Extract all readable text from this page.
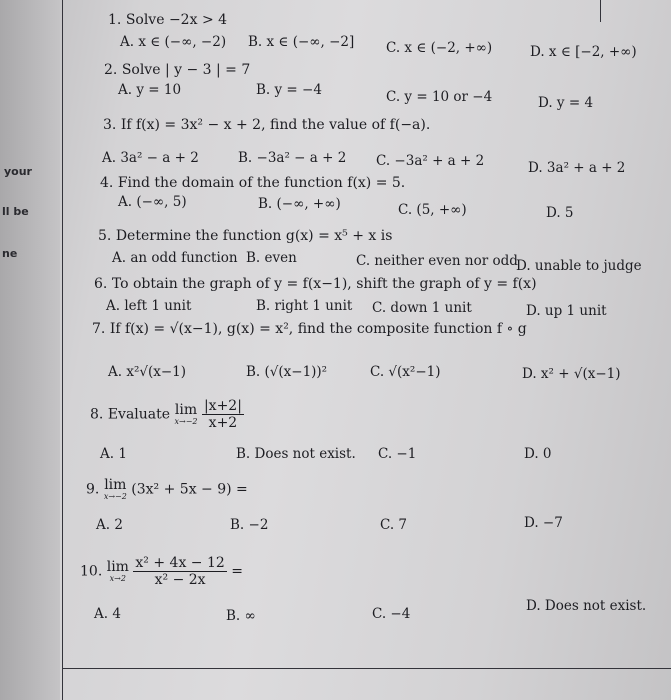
your
ll be
ne
1. Solve −2x > 4
A. x ∈ (−∞, −2) B. x ∈ (−∞, −2] C. x ∈ (−2, +∞)	D. x ∈ [−2, +∞)
2. Solve | y − 3 | = 7
A. y = 10	B. y = −4	C. y = 10 or −4	D. y = 4
3. If f(x) = 3x² − x + 2, find the value of f(−a).
A. 3a² − a + 2	B. −3a² − a + 2 C. −3a² + a + 2	D. 3a² + a + 2
4. Find the domain of the function f(x) = 5.
A. (−∞, 5)	B. (−∞, +∞)	C. (5, +∞)	D. 5
5. Determine the function g(x) = x⁵ + x is
A. an odd function B. even	C. neither even nor odd
D. unable to judge
6. To obtain the graph of y = f(x−1), shift the graph of y = f(x)
A. left 1 unit	B. right 1 unit C. down 1 unit	D. up 1 unit
7. If f(x) = √(x−1), g(x) = x², find the composite function f ∘ g
A. x²√(x−1)	B. (√(x−1))²	C. √(x²−1)	D. x² + √(x−1)
8. Evaluate lim
x→−2
$\frac{|x+2|}{x+2}$
A. 1	B. Does not exist. C. −1	D. 0
9. lim
x→−2 (3x² + 5x − 9) =
A. 2	B. −2	C. 7	D. −7
10. lim
x→2
$\frac{\text{x² + 4x − 12}}{\text{x² − 2x}}$ =
A. 4	B. ∞	C. −4	D. Does not exist.
